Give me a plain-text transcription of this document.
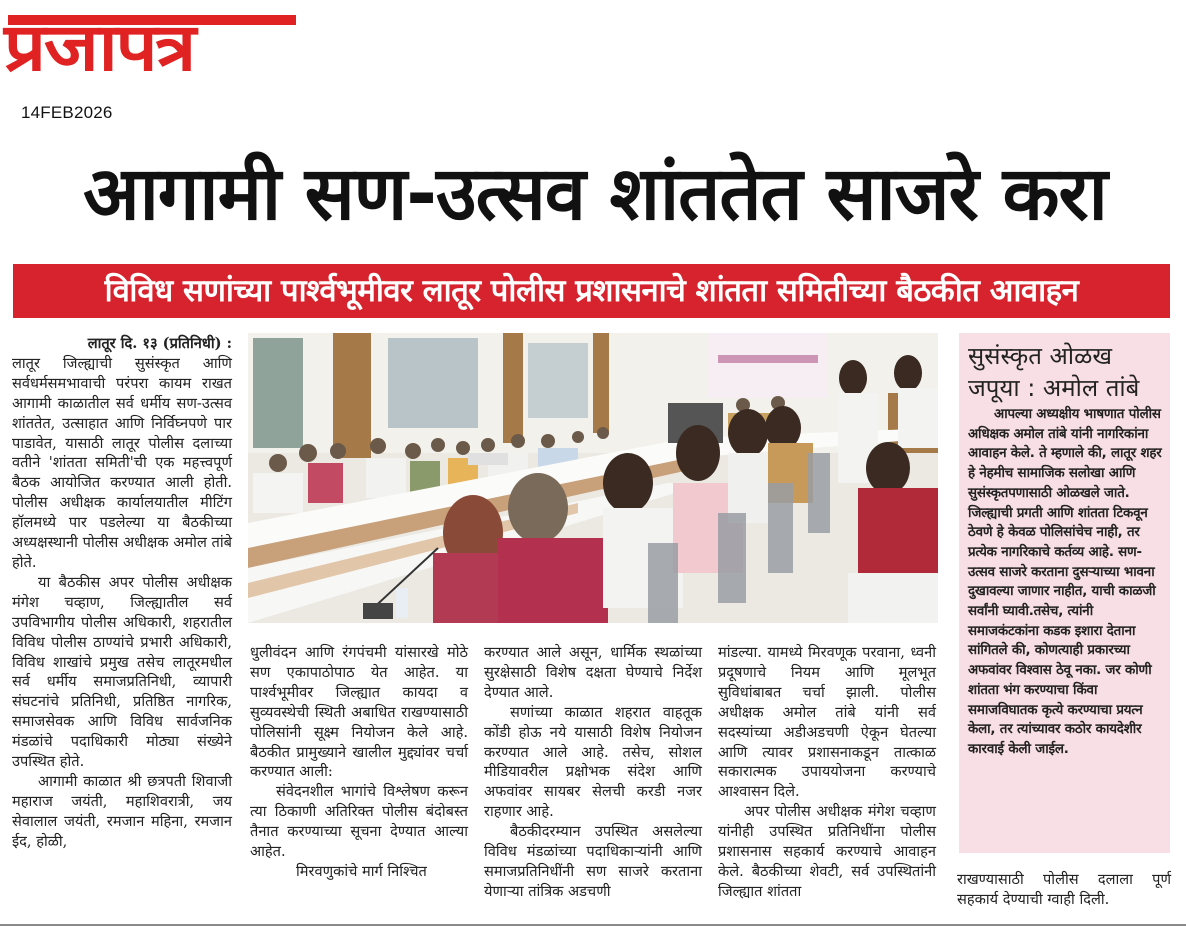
प्रजापत्र
14FEB2026
आगामी सण-उत्सव शांततेत साजरे करा
विविध सणांच्या पार्श्वभूमीवर लातूर पोलीस प्रशासनाचे शांतता समितीच्या बैठकीत आवाहन

लातूर दि. १३ (प्रतिनिधी) :

लातूर जिल्ह्याची सुसंस्कृत आणि सर्वधर्मसमभावाची परंपरा कायम राखत आगामी काळातील सर्व धर्मीय सण-उत्सव शांततेत, उत्साहात आणि निर्विघ्नपणे पार पाडावेत, यासाठी लातूर पोलीस दलाच्या वतीने 'शांतता समिती'ची एक महत्त्वपूर्ण बैठक आयोजित करण्यात आली होती. पोलीस अधीक्षक कार्यालयातील मीटिंग हॉलमध्ये पार पडलेल्या या बैठकीच्या अध्यक्षस्थानी पोलीस अधीक्षक अमोल तांबे होते.

या बैठकीस अपर पोलीस अधीक्षक मंगेश चव्हाण, जिल्ह्यातील सर्व उपविभागीय पोलीस अधिकारी, शहरातील विविध पोलीस ठाण्यांचे प्रभारी अधिकारी, विविध शाखांचे प्रमुख तसेच लातूरमधील सर्व धर्मीय समाजप्रतिनिधी, व्यापारी संघटनांचे प्रतिनिधी, प्रतिष्ठित नागरिक, समाजसेवक आणि विविध सार्वजनिक मंडळांचे पदाधिकारी मोठ्या संख्येने उपस्थित होते.

आगामी काळात श्री छत्रपती शिवाजी महाराज जयंती, महाशिवरात्री, जय सेवालाल जयंती, रमजान महिना, रमजान ईद, होळी,

धुलीवंदन आणि रंगपंचमी यांसारखे मोठे सण एकापाठोपाठ येत आहेत. या पार्श्वभूमीवर जिल्ह्यात कायदा व सुव्यवस्थेची स्थिती अबाधित राखण्यासाठी पोलिसांनी सूक्ष्म नियोजन केले आहे. बैठकीत प्रामुख्याने खालील मुद्द्यांवर चर्चा करण्यात आली:

संवेदनशील भागांचे विश्लेषण करून त्या ठिकाणी अतिरिक्त पोलीस बंदोबस्त तैनात करण्याच्या सूचना देण्यात आल्या आहेत.

मिरवणुकांचे मार्ग निश्चित

करण्यात आले असून, धार्मिक स्थळांच्या सुरक्षेसाठी विशेष दक्षता घेण्याचे निर्देश देण्यात आले.

सणांच्या काळात शहरात वाहतूक कोंडी होऊ नये यासाठी विशेष नियोजन करण्यात आले आहे. तसेच, सोशल मीडियावरील प्रक्षोभक संदेश आणि अफवांवर सायबर सेलची करडी नजर राहणार आहे.

बैठकीदरम्यान उपस्थित असलेल्या विविध मंडळांच्या पदाधिकाऱ्यांनी आणि समाजप्रतिनिधींनी सण साजरे करताना येणाऱ्या तांत्रिक अडचणी

मांडल्या. यामध्ये मिरवणूक परवाना, ध्वनी प्रदूषणाचे नियम आणि मूलभूत सुविधांबाबत चर्चा झाली. पोलीस अधीक्षक अमोल तांबे यांनी सर्व सदस्यांच्या अडीअडचणी ऐकून घेतल्या आणि त्यावर प्रशासनाकडून तात्काळ सकारात्मक उपाययोजना करण्याचे आश्वासन दिले.

अपर पोलीस अधीक्षक मंगेश चव्हाण यांनीही उपस्थित प्रतिनिधींना पोलीस प्रशासनास सहकार्य करण्याचे आवाहन केले. बैठकीच्या शेवटी, सर्व उपस्थितांनी जिल्ह्यात शांतता

सुसंस्कृत ओळख जपूया : अमोल तांबे

आपल्या अध्यक्षीय भाषणात पोलीस अधिक्षक अमोल तांबे यांनी नागरिकांना आवाहन केले. ते म्हणाले की, लातूर शहर हे नेहमीच सामाजिक सलोखा आणि सुसंस्कृतपणासाठी ओळखले जाते. जिल्ह्याची प्रगती आणि शांतता टिकवून ठेवणे हे केवळ पोलिसांचेच नाही, तर प्रत्येक नागरिकाचे कर्तव्य आहे. सण-उत्सव साजरे करताना दुसऱ्याच्या भावना दुखावल्या जाणार नाहीत, याची काळजी सर्वांनी घ्यावी.तसेच, त्यांनी समाजकंटकांना कडक इशारा देताना सांगितले की, कोणत्याही प्रकारच्या अफवांवर विश्वास ठेवू नका. जर कोणी शांतता भंग करण्याचा किंवा समाजविघातक कृत्ये करण्याचा प्रयत्न केला, तर त्यांच्यावर कठोर कायदेशीर कारवाई केली जाईल.

राखण्यासाठी पोलीस दलाला पूर्ण सहकार्य देण्याची ग्वाही दिली.
